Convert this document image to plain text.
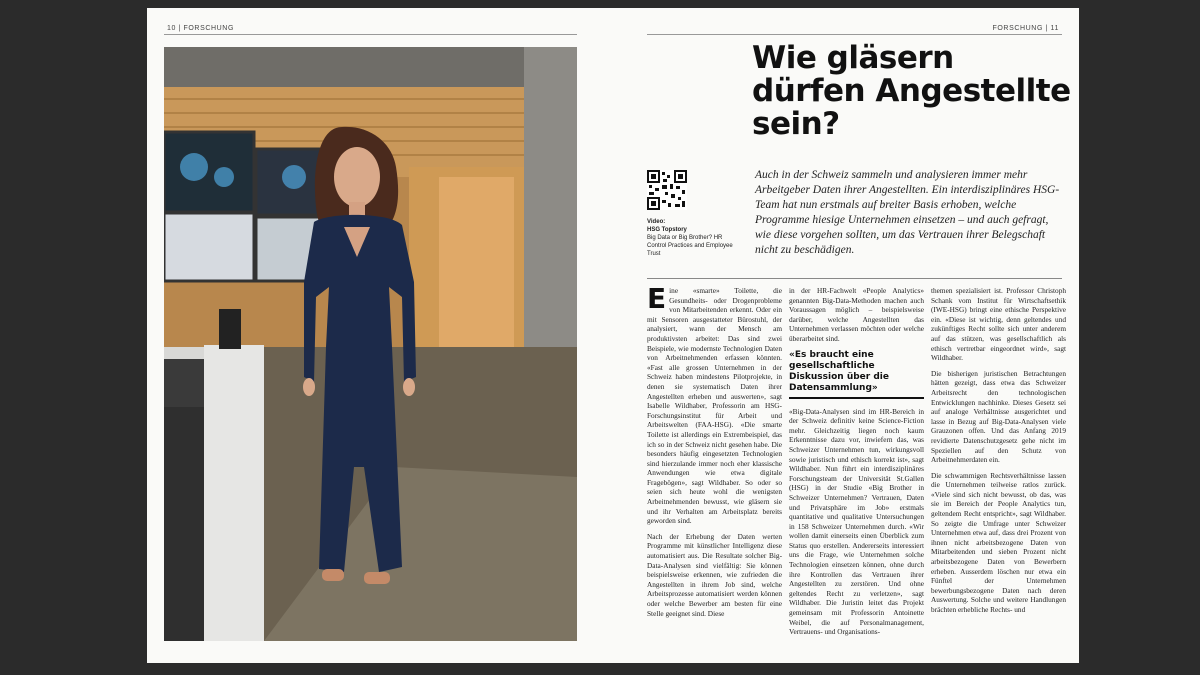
10 | FORSCHUNG	FORSCHUNG | 11
Wie gläsern dürfen Angestellte sein?
Video:
HSG Topstory
Big Data or Big Brother? HR Control Practices and Employee Trust

Auch in der Schweiz sammeln und analysieren immer mehr Arbeitgeber Daten ihrer Angestellten. Ein interdisziplinäres HSG-Team hat nun erstmals auf breiter Basis erhoben, welche Programme hiesige Unternehmen einsetzen – und auch gefragt, wie diese vorgehen sollten, um das Vertrauen ihrer Belegschaft nicht zu beschädigen.

Eine «smarte» Toilette, die Gesundheits- oder Drogenprobleme von Mitarbeitenden erkennt. Oder ein mit Sensoren ausgestatteter Bürostuhl, der analysiert, wann der Mensch am produktivsten arbeitet: Das sind zwei Beispiele, wie modernste Technologien Daten von Arbeitnehmenden erfassen könnten. «Fast alle grossen Unternehmen in der Schweiz haben mindestens Pilotprojekte, in denen sie systematisch Daten ihrer Angestellten erheben und auswerten», sagt Isabelle Wildhaber, Professorin am HSG-Forschungsinstitut für Arbeit und Arbeitswelten (FAA-HSG). «Die smarte Toilette ist allerdings ein Extrembeispiel, das ich so in der Schweiz nicht gesehen habe. Die besonders häufig eingesetzten Technologien sind hierzulande immer noch eher klassische Anwendungen wie etwa digitale Fragebögen», sagt Wildhaber. So oder so seien sich heute wohl die wenigsten Arbeitnehmenden bewusst, wie gläsern sie und ihr Verhalten am Arbeitsplatz bereits geworden sind.

Nach der Erhebung der Daten werten Programme mit künstlicher Intelligenz diese automatisiert aus. Die Resultate solcher Big-Data-Analysen sind vielfältig: Sie können beispielsweise erkennen, wie zufrieden die Angestellten in ihrem Job sind, welche Arbeitsprozesse automatisiert werden können oder welche Bewerber am besten für eine Stelle geeignet sind. Diese

in der HR-Fachwelt «People Analytics» genannten Big-Data-Methoden machen auch Voraussagen möglich – beispielsweise darüber, welche Angestellten das Unternehmen verlassen möchten oder welche überarbeitet sind.

«Es braucht eine gesellschaftliche Diskussion über die Datensammlung»

«Big-Data-Analysen sind im HR-Bereich in der Schweiz definitiv keine Science-Fiction mehr. Gleichzeitig liegen noch kaum Erkenntnisse dazu vor, inwiefern das, was Schweizer Unternehmen tun, wirkungsvoll sowie juristisch und ethisch korrekt ist», sagt Wildhaber. Nun führt ein interdisziplinäres Forschungsteam der Universität St.Gallen (HSG) in der Studie «Big Brother in Schweizer Unternehmen? Vertrauen, Daten und Privatsphäre im Job» erstmals quantitative und qualitative Untersuchungen in 158 Schweizer Unternehmen durch. «Wir wollen damit einerseits einen Überblick zum Status quo erstellen. Andererseits interessiert uns die Frage, wie Unternehmen solche Technologien einsetzen können, ohne durch ihre Kontrollen das Vertrauen ihrer Angestellten zu zerstören. Und ohne geltendes Recht zu verletzen», sagt Wildhaber. Die Juristin leitet das Projekt gemeinsam mit Professorin Antoinette Weibel, die auf Personalmanagement, Vertrauens- und Organisations-

themen spezialisiert ist. Professor Christoph Schank vom Institut für Wirtschaftsethik (IWE-HSG) bringt eine ethische Perspektive ein. «Diese ist wichtig, denn geltendes und zukünftiges Recht sollte sich unter anderem auf das stützen, was gesellschaftlich als ethisch vertretbar eingeordnet wird», sagt Wildhaber.

Die bisherigen juristischen Betrachtungen hätten gezeigt, dass etwa das Schweizer Arbeitsrecht den technologischen Entwicklungen nachhinke. Dieses Gesetz sei auf analoge Verhältnisse ausgerichtet und lasse in Bezug auf Big-Data-Analysen viele Grauzonen offen. Und das Anfang 2019 revidierte Datenschutzgesetz gehe nicht im Speziellen auf den Schutz von Arbeitnehmerdaten ein.

Die schwammigen Rechtsverhältnisse lassen die Unternehmen teilweise ratlos zurück. «Viele sind sich nicht bewusst, ob das, was sie im Bereich der People Analytics tun, geltendem Recht entspricht», sagt Wildhaber. So zeigte die Umfrage unter Schweizer Unternehmen etwa auf, dass drei Prozent von ihnen nicht arbeitsbezogene Daten von Mitarbeitenden und sieben Prozent nicht arbeitsbezogene Daten von Bewerbern erheben. Ausserdem löschen nur etwa ein Fünftel der Unternehmen bewerbungsbezogene Daten nach deren Auswertung. Solche und weitere Handlungen brächten erhebliche Rechts- und
